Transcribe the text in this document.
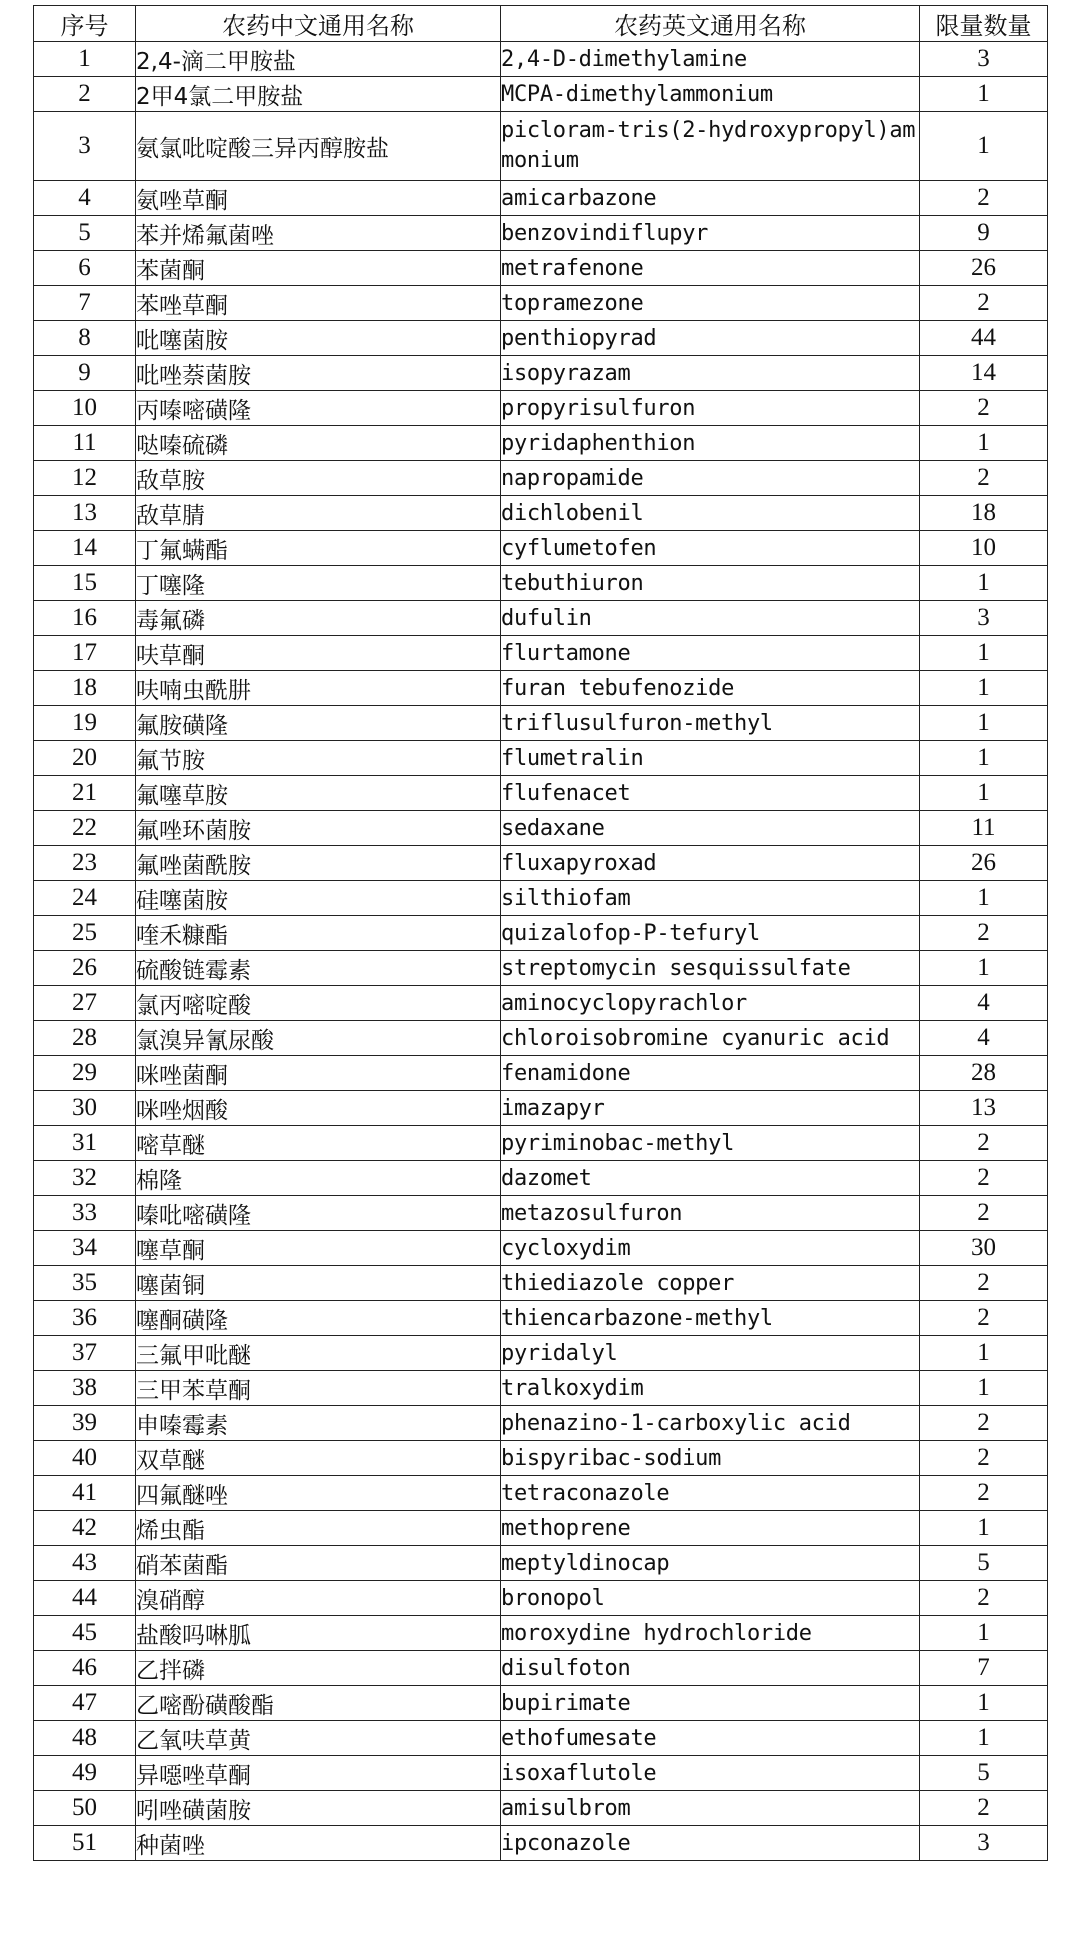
序号	农药中文通用名称	农药英文通用名称	限量数量
1	2,4-滴二甲胺盐	2,4-D-dimethylamine	3
2	2甲4氯二甲胺盐	MCPA-dimethylammonium	1
3	氨氯吡啶酸三异丙醇胺盐	picloram-tris(2-hydroxypropyl)ammonium	1
4	氨唑草酮	amicarbazone	2
5	苯并烯氟菌唑	benzovindiflupyr	9
6	苯菌酮	metrafenone	26
7	苯唑草酮	topramezone	2
8	吡噻菌胺	penthiopyrad	44
9	吡唑萘菌胺	isopyrazam	14
10	丙嗪嘧磺隆	propyrisulfuron	2
11	哒嗪硫磷	pyridaphenthion	1
12	敌草胺	napropamide	2
13	敌草腈	dichlobenil	18
14	丁氟螨酯	cyflumetofen	10
15	丁噻隆	tebuthiuron	1
16	毒氟磷	dufulin	3
17	呋草酮	flurtamone	1
18	呋喃虫酰肼	furan tebufenozide	1
19	氟胺磺隆	triflusulfuron-methyl	1
20	氟节胺	flumetralin	1
21	氟噻草胺	flufenacet	1
22	氟唑环菌胺	sedaxane	11
23	氟唑菌酰胺	fluxapyroxad	26
24	硅噻菌胺	silthiofam	1
25	喹禾糠酯	quizalofop-P-tefuryl	2
26	硫酸链霉素	streptomycin sesquissulfate	1
27	氯丙嘧啶酸	aminocyclopyrachlor	4
28	氯溴异氰尿酸	chloroisobromine cyanuric acid	4
29	咪唑菌酮	fenamidone	28
30	咪唑烟酸	imazapyr	13
31	嘧草醚	pyriminobac-methyl	2
32	棉隆	dazomet	2
33	嗪吡嘧磺隆	metazosulfuron	2
34	噻草酮	cycloxydim	30
35	噻菌铜	thiediazole copper	2
36	噻酮磺隆	thiencarbazone-methyl	2
37	三氟甲吡醚	pyridalyl	1
38	三甲苯草酮	tralkoxydim	1
39	申嗪霉素	phenazino-1-carboxylic acid	2
40	双草醚	bispyribac-sodium	2
41	四氟醚唑	tetraconazole	2
42	烯虫酯	methoprene	1
43	硝苯菌酯	meptyldinocap	5
44	溴硝醇	bronopol	2
45	盐酸吗啉胍	moroxydine hydrochloride	1
46	乙拌磷	disulfoton	7
47	乙嘧酚磺酸酯	bupirimate	1
48	乙氧呋草黄	ethofumesate	1
49	异噁唑草酮	isoxaflutole	5
50	吲唑磺菌胺	amisulbrom	2
51	种菌唑	ipconazole	3
